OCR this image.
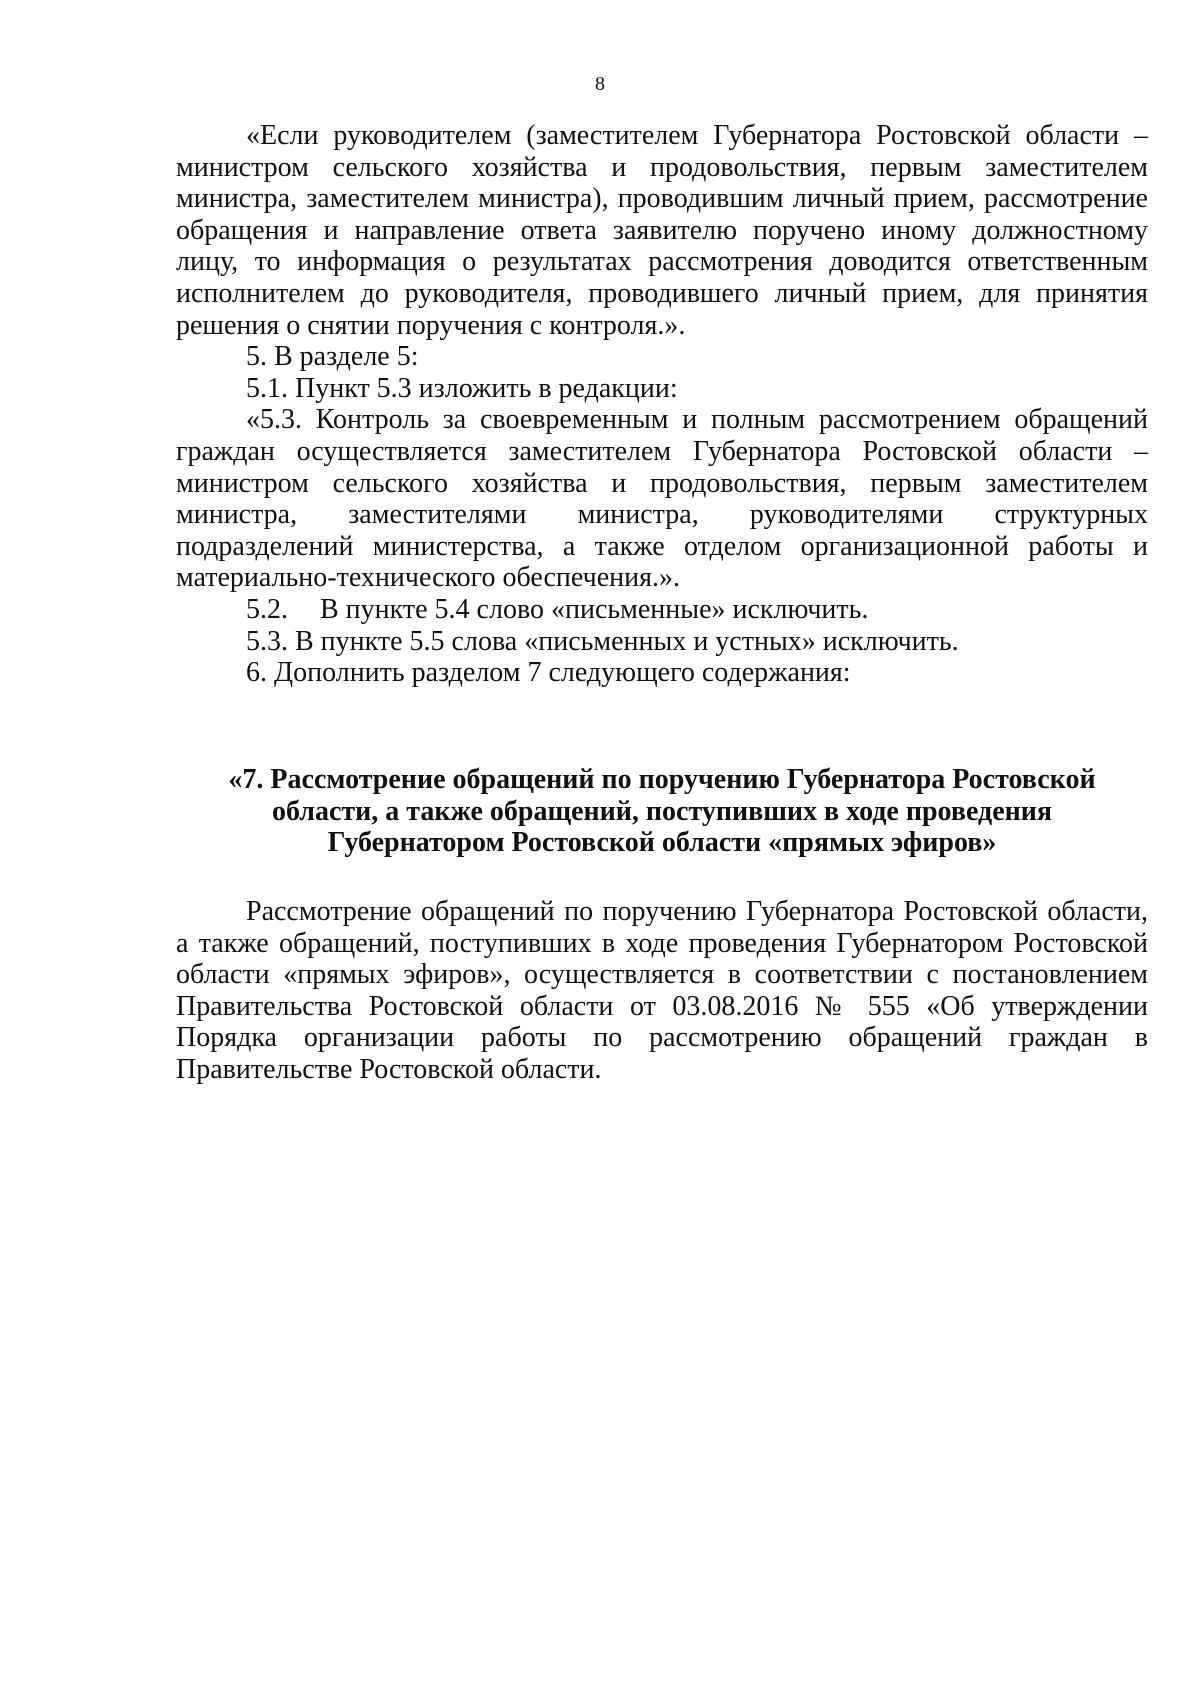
8

«Если руководителем (заместителем Губернатора Ростовской области – министром сельского хозяйства и продовольствия, первым заместителем министра, заместителем министра), проводившим личный прием, рассмотрение обращения и направление ответа заявителю поручено иному должностному лицу, то информация о результатах рассмотрения доводится ответственным исполнителем до руководителя, проводившего личный прием, для принятия решения о снятии поручения с контроля.».

5. В разделе 5:

5.1. Пункт 5.3 изложить в редакции:

«5.3. Контроль за своевременным и полным рассмотрением обращений граждан осуществляется заместителем Губернатора Ростовской области – министром сельского хозяйства и продовольствия, первым заместителем министра, заместителями министра, руководителями структурных подразделений министерства, а также отделом организационной работы и материально-технического обеспечения.».

5.2. В пункте 5.4 слово «письменные» исключить.

5.3. В пункте 5.5 слова «письменных и устных» исключить.

6. Дополнить разделом 7 следующего содержания:

«7. Рассмотрение обращений по поручению Губернатора Ростовской

области, а также обращений, поступивших в ходе проведения

Губернатором Ростовской области «прямых эфиров»

Рассмотрение обращений по поручению Губернатора Ростовской области, а также обращений, поступивших в ходе проведения Губернатором Ростовской области «прямых эфиров», осуществляется в соответствии с постановлением Правительства Ростовской области от 03.08.2016 № 555 «Об утверждении Порядка организации работы по рассмотрению обращений граждан в Правительстве Ростовской области.
